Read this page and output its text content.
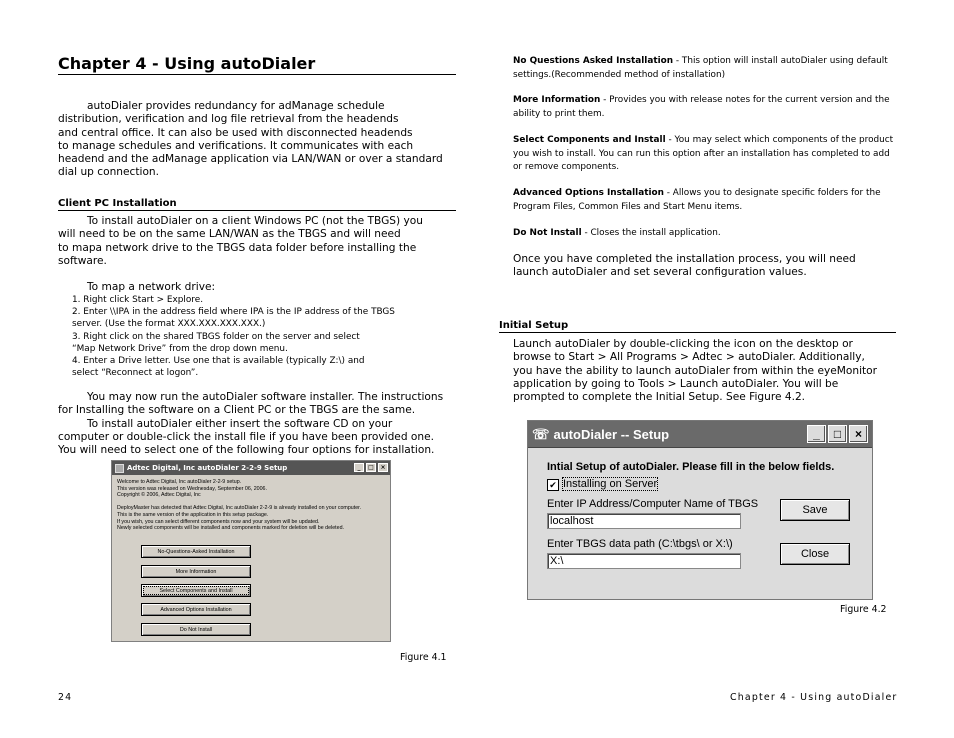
Chapter 4 - Using autoDialer

autoDialer provides redundancy for adManage schedule

distribution, verification and log file retrieval from the headends

and central office. It can also be used with disconnected headends

to manage schedules and verifications. It communicates with each

headend and the adManage application via LAN/WAN or over a standard

dial up connection.

Client PC Installation

To install autoDialer on a client Windows PC (not the TBGS) you

will need to be on the same LAN/WAN as the TBGS and will need

to mapa network drive to the TBGS data folder before installing the

software.

To map a network drive:

1. Right click Start > Explore.

2. Enter \\IPA in the address field where IPA is the IP address of the TBGS

server. (Use the format XXX.XXX.XXX.XXX.)

3. Right click on the shared TBGS folder on the server and select

“Map Network Drive” from the drop down menu.

4. Enter a Drive letter. Use one that is available (typically Z:\) and

select “Reconnect at logon”.

You may now run the autoDialer software installer. The instructions

for Installing the software on a Client PC or the TBGS are the same.

To install autoDialer either insert the software CD on your

computer or double-click the install file if you have been provided one.

You will need to select one of the following four options for installation.

Adtec Digital, Inc autoDialer 2-2-9 Setup	_	□	×

Welcome to Adtec Digital, Inc autoDialer 2-2-9 setup.

This version was released on Wednesday, September 06, 2006.

Copyright © 2006, Adtec Digital, Inc

DeployMaster has detected that Adtec Digital, Inc autoDialer 2-2-9 is already installed on your computer.

This is the same version of the application in this setup package.

If you wish, you can select different components now and your system will be updated.

Newly selected components will be installed and components marked for deletion will be deleted.

No-Questions-Asked Installation
More Information
Select Components and Install
Advanced Options Installation
Do Not Install
Figure 4.1
24
No Questions Asked Installation - This option will install autoDialer using default settings.(Recommended method of installation)
More Information - Provides you with release notes for the current version and the ability to print them.
Select Components and Install - You may select which components of the product you wish to install. You can run this option after an installation has completed to add or remove components.
Advanced Options Installation - Allows you to designate specific folders for the Program Files, Common Files and Start Menu items.
Do Not Install - Closes the install application.

Once you have completed the installation process, you will need

launch autoDialer and set several configuration values.

Initial Setup

Launch autoDialer by double-clicking the icon on the desktop or

browse to Start > All Programs > Adtec > autoDialer. Additionally,

you have the ability to launch autoDialer from within the eyeMonitor

application by going to Tools > Launch autoDialer. You will be

prompted to complete the Initial Setup. See Figure 4.2.

☏ autoDialer -- Setup	_	□	×
Intial Setup of autoDialer. Please fill in the below fields.
✔ Installing on Server
Enter IP Address/Computer Name of TBGS
localhost
Enter TBGS data path (C:\tbgs\ or X:\)
X:\
Save
Close
Figure 4.2
Chapter 4 - Using autoDialer
